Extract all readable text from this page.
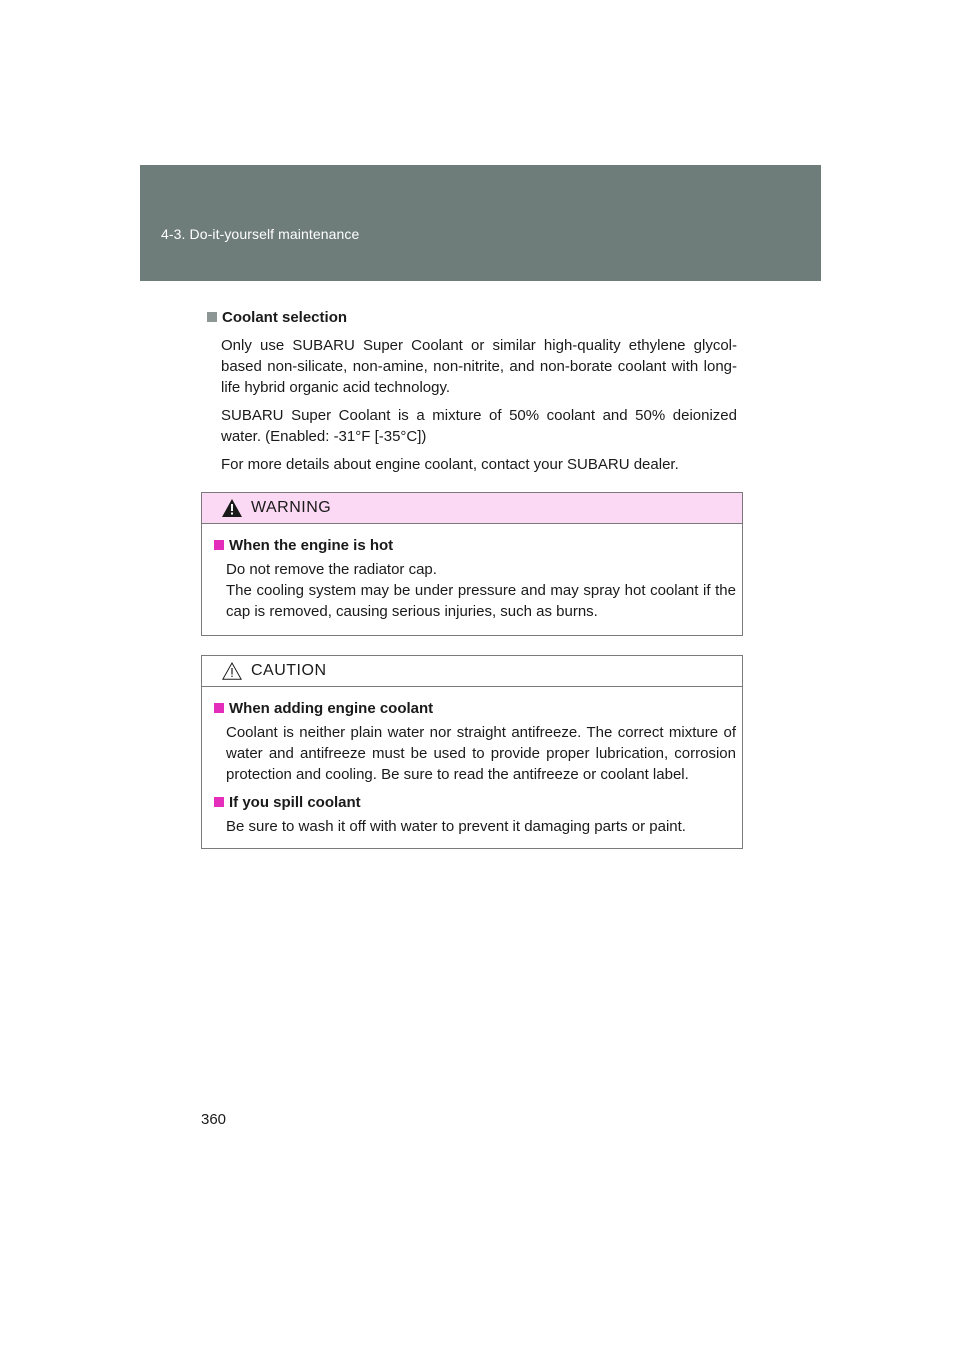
4-3. Do-it-yourself maintenance

Coolant selection

Only use SUBARU Super Coolant or similar high-quality ethylene glycol-based non-silicate, non-amine, non-nitrite, and non-borate coolant with long-life hybrid organic acid technology.

SUBARU Super Coolant is a mixture of 50% coolant and 50% deionized water. (Enabled: -31°F [-35°C])

For more details about engine coolant, contact your SUBARU dealer.

WARNING

When the engine is hot

Do not remove the radiator cap.

The cooling system may be under pressure and may spray hot coolant if the cap is removed, causing serious injuries, such as burns.

CAUTION

When adding engine coolant

Coolant is neither plain water nor straight antifreeze. The correct mixture of water and antifreeze must be used to provide proper lubrication, corrosion protection and cooling. Be sure to read the antifreeze or coolant label.

If you spill coolant

Be sure to wash it off with water to prevent it damaging parts or paint.

360
